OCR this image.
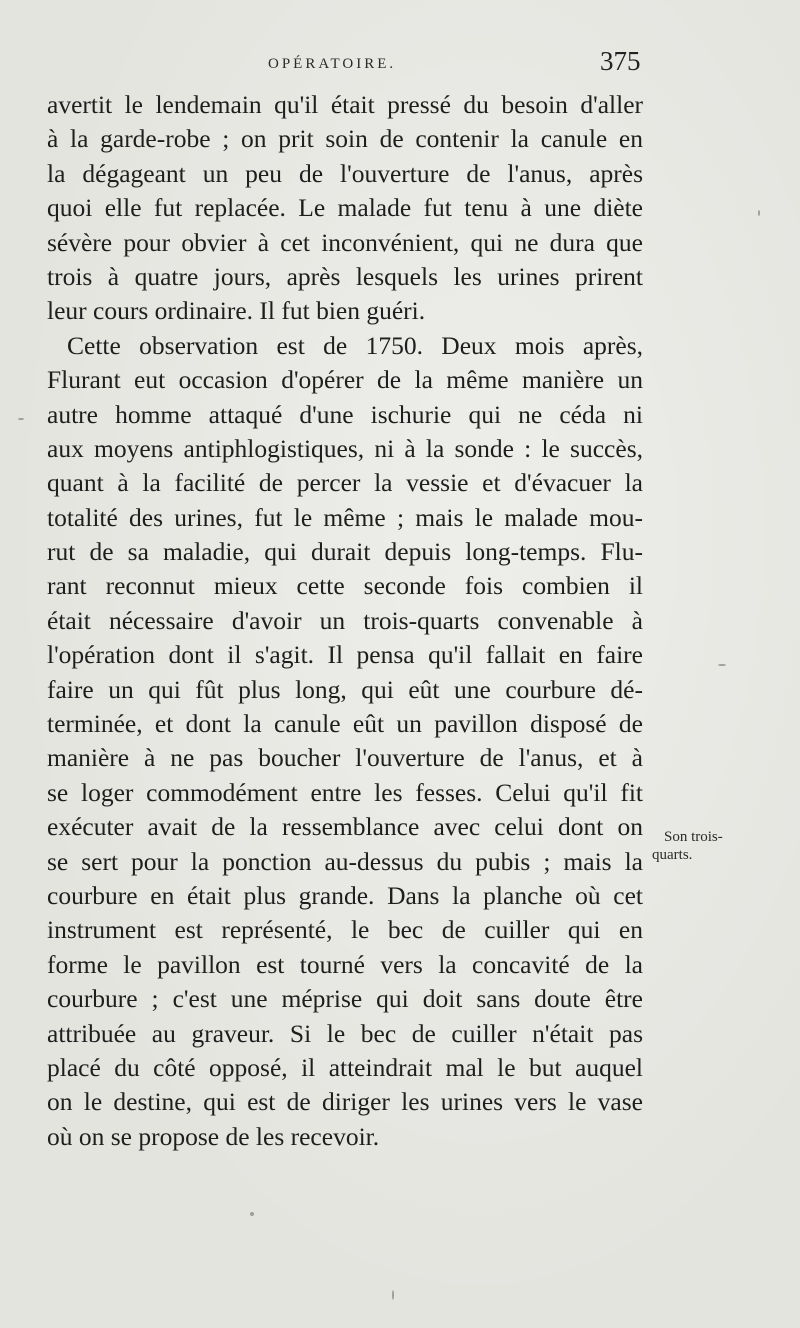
OPÉRATOIRE.	375
avertit le lendemain qu'il était pressé du besoin d'aller
à la garde-robe ; on prit soin de contenir la canule en
la dégageant un peu de l'ouverture de l'anus, après
quoi elle fut replacée. Le malade fut tenu à une diète
sévère pour obvier à cet inconvénient, qui ne dura que
trois à quatre jours, après lesquels les urines prirent
leur cours ordinaire. Il fut bien guéri.
Cette observation est de 1750. Deux mois après,
Flurant eut occasion d'opérer de la même manière un
autre homme attaqué d'une ischurie qui ne céda ni
aux moyens antiphlogistiques, ni à la sonde : le succès,
quant à la facilité de percer la vessie et d'évacuer la
totalité des urines, fut le même ; mais le malade mou-
rut de sa maladie, qui durait depuis long-temps. Flu-
rant reconnut mieux cette seconde fois combien il
était nécessaire d'avoir un trois-quarts convenable à
l'opération dont il s'agit. Il pensa qu'il fallait en faire
faire un qui fût plus long, qui eût une courbure dé-
terminée, et dont la canule eût un pavillon disposé de
manière à ne pas boucher l'ouverture de l'anus, et à
se loger commodément entre les fesses. Celui qu'il fit
exécuter avait de la ressemblance avec celui dont on
se sert pour la ponction au-dessus du pubis ; mais la
courbure en était plus grande. Dans la planche où cet
instrument est représenté, le bec de cuiller qui en
forme le pavillon est tourné vers la concavité de la
courbure ; c'est une méprise qui doit sans doute être
attribuée au graveur. Si le bec de cuiller n'était pas
placé du côté opposé, il atteindrait mal le but auquel
on le destine, qui est de diriger les urines vers le vase
où on se propose de les recevoir.
Son trois-
quarts.
